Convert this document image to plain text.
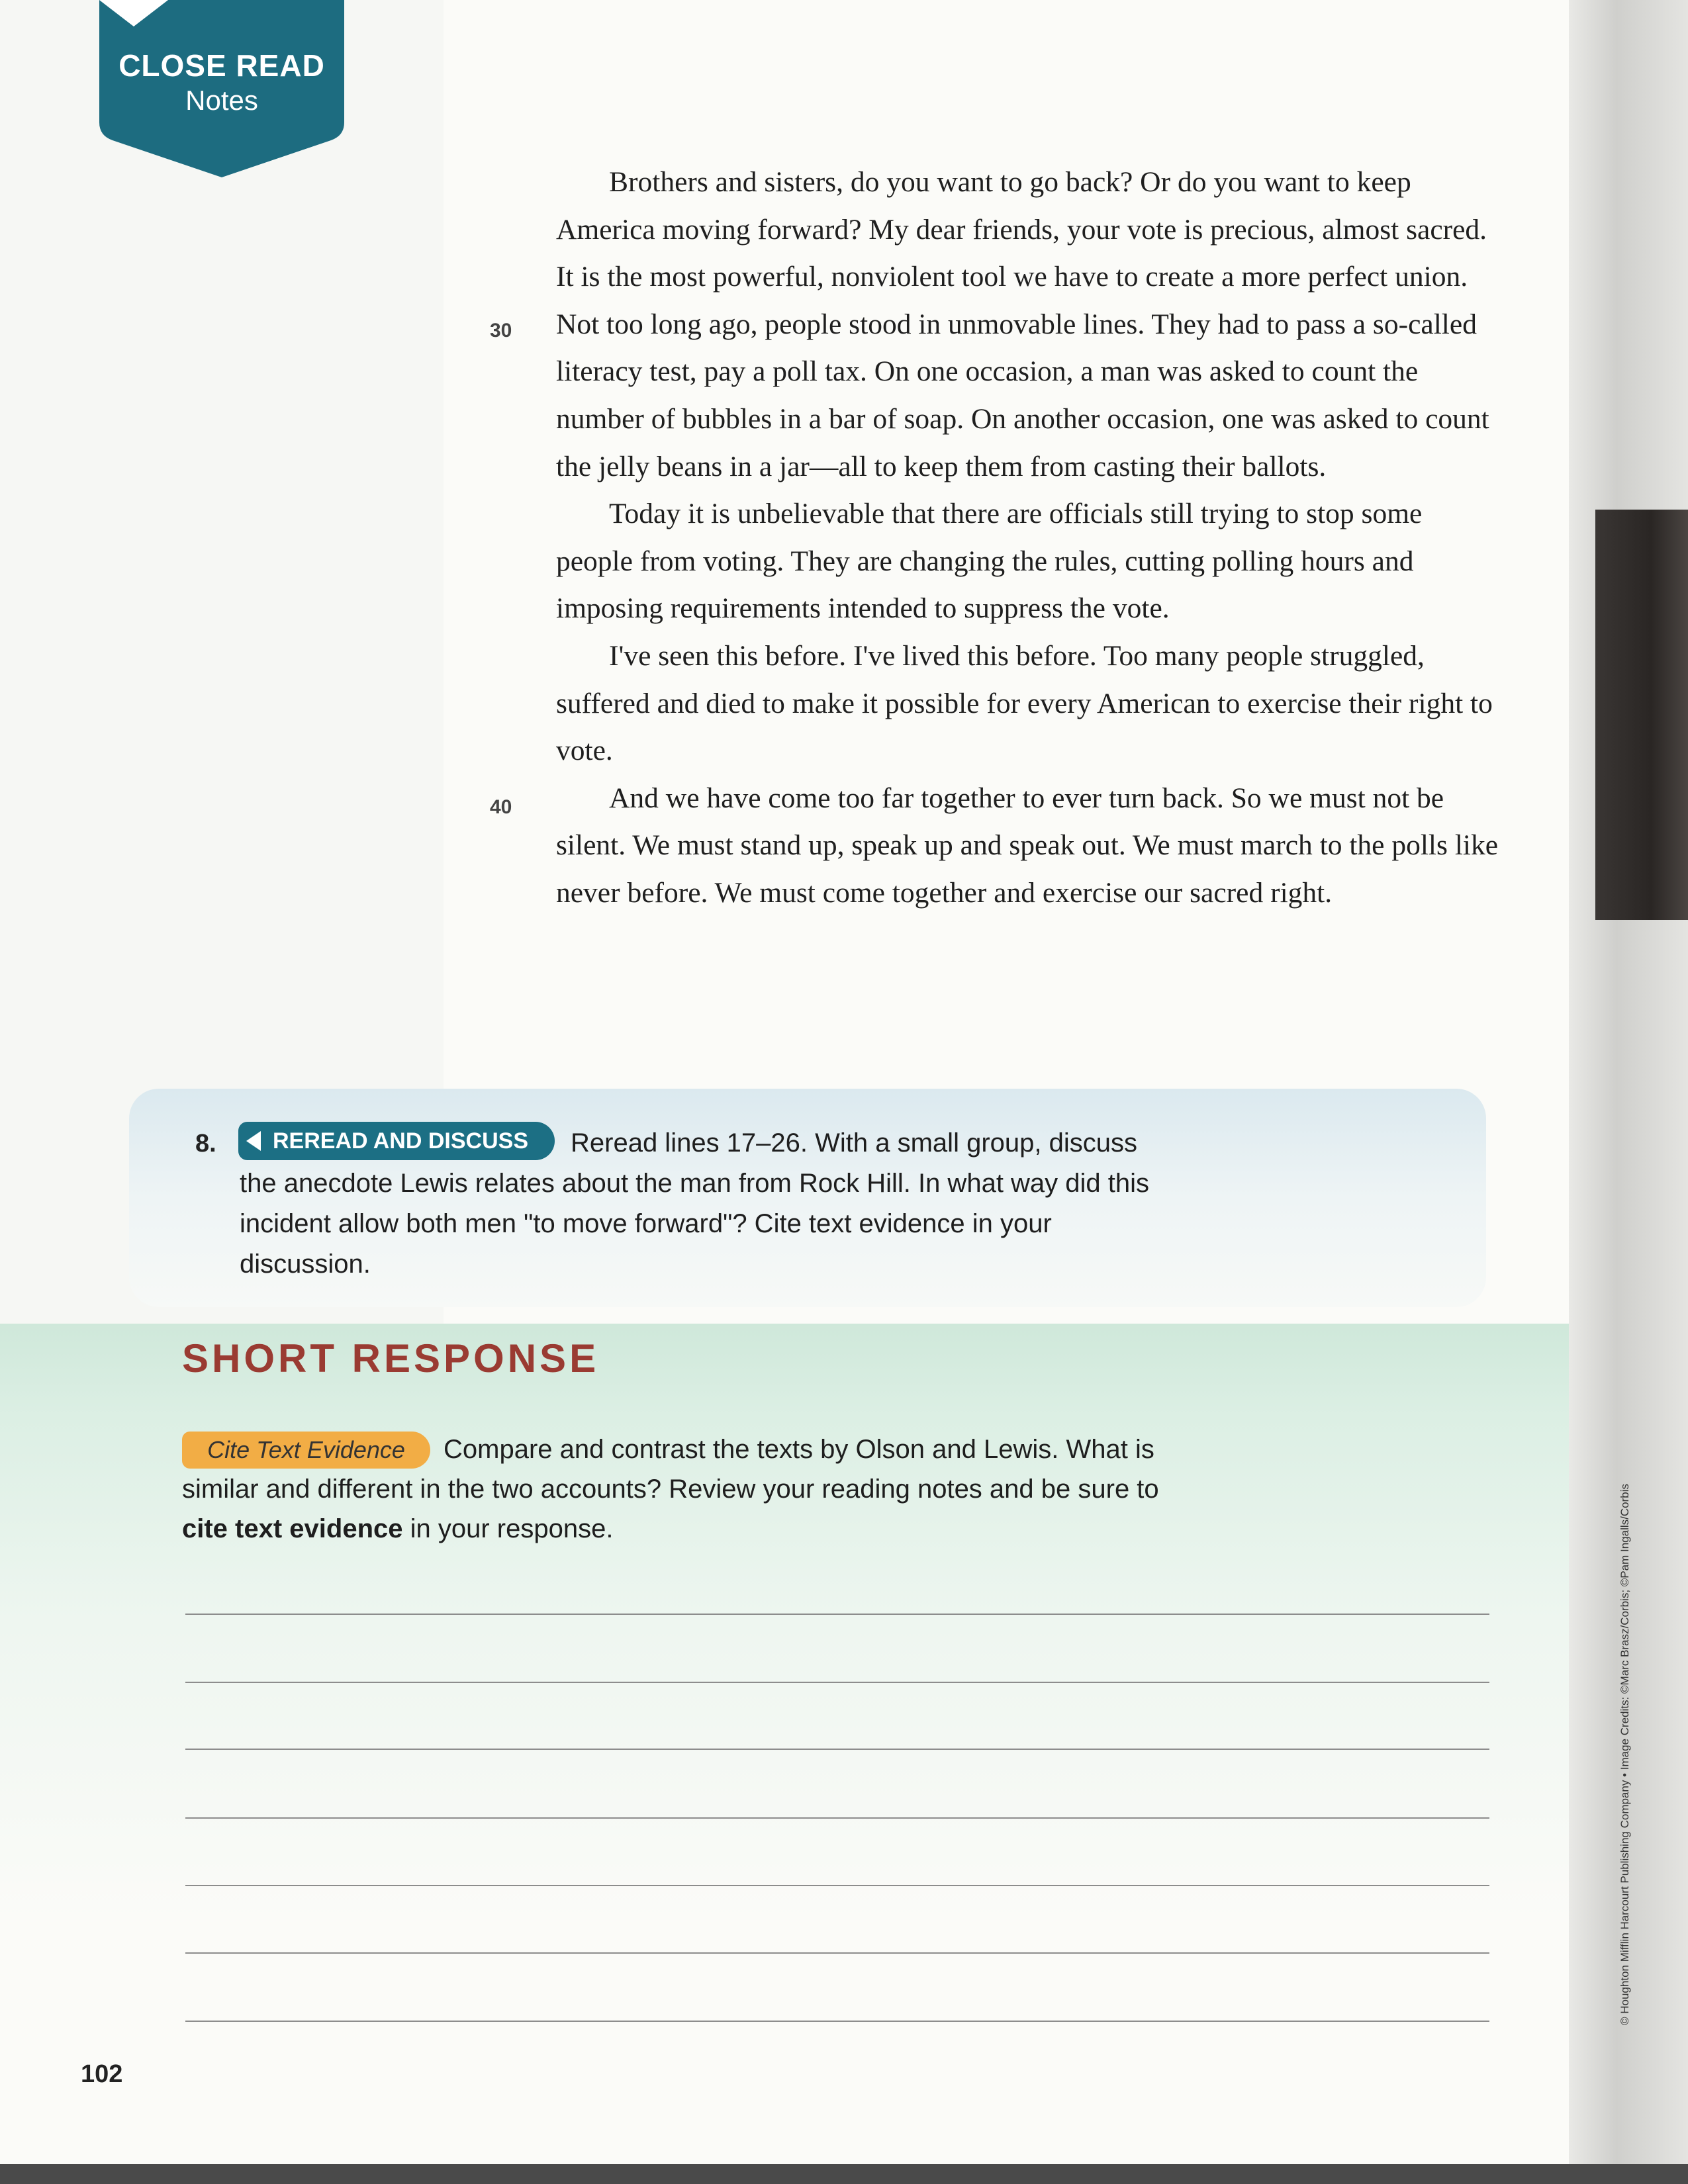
CLOSE READ
Notes

Brothers and sisters, do you want to go back? Or do you want to keep America moving forward? My dear friends, your vote is precious, almost sacred. It is the most powerful, nonviolent tool we have to create a more perfect union. Not too long ago, people stood in unmovable lines. They had to pass a so-called literacy test, pay a poll tax. On one occasion, a man was asked to count the number of bubbles in a bar of soap. On another occasion, one was asked to count the jelly beans in a jar—all to keep them from casting their ballots.

Today it is unbelievable that there are officials still trying to stop some people from voting. They are changing the rules, cutting polling hours and imposing requirements intended to suppress the vote.

I've seen this before. I've lived this before. Too many people struggled, suffered and died to make it possible for every American to exercise their right to vote.

And we have come too far together to ever turn back. So we must not be silent. We must stand up, speak up and speak out. We must march to the polls like never before. We must come together and exercise our sacred right.

30
40
8.	REREAD AND DISCUSS	Reread lines 17–26. With a small group, discuss the anecdote Lewis relates about the man from Rock Hill. In what way did this incident allow both men "to move forward"? Cite text evidence in your discussion.
SHORT RESPONSE
Cite Text Evidence	Compare and contrast the texts by Olson and Lewis. What is similar and different in the two accounts? Review your reading notes and be sure to cite text evidence in your response.
102
© Houghton Mifflin Harcourt Publishing Company • Image Credits: ©Marc Brasz/Corbis; ©Pam Ingalls/Corbis
